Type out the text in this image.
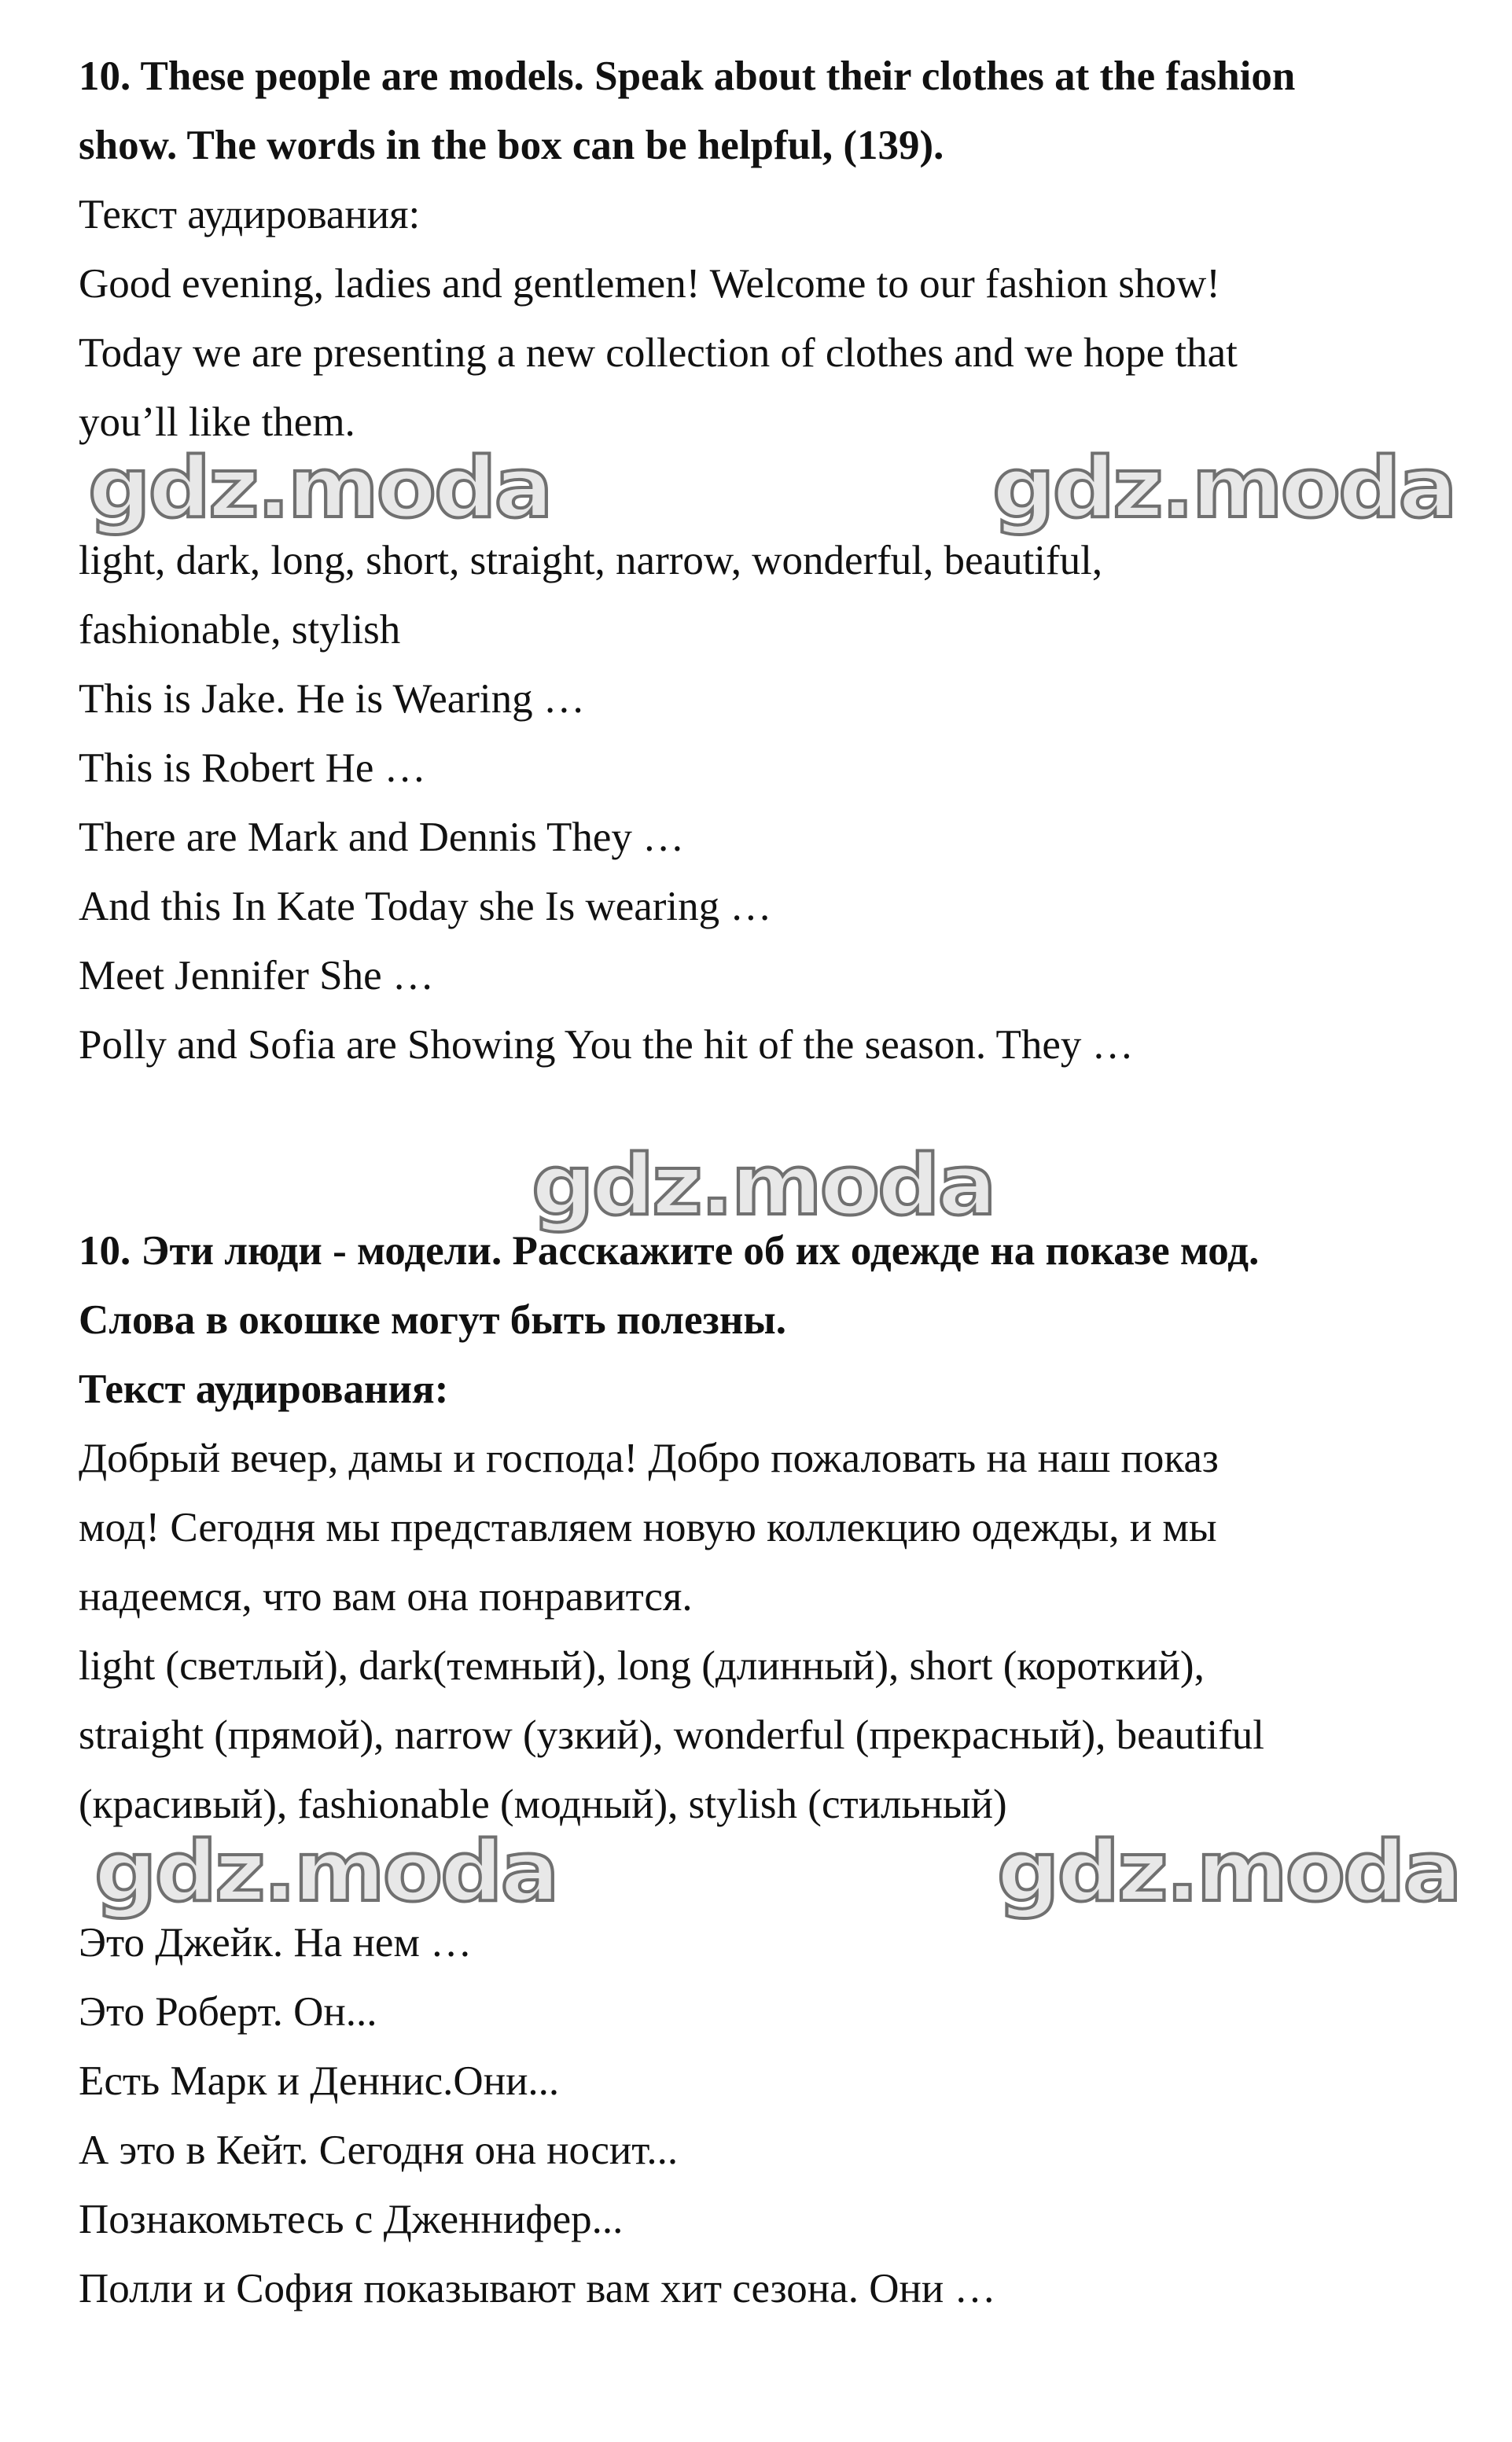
10. These people are models. Speak about their clothes at the fashion
show. The words in the box can be helpful, (139).
Текст аудирования:
Good evening, ladies and gentlemen! Welcome to our fashion show!
Today we are presenting a new collection of clothes and we hope that
you’ll like them.
gdz.moda	gdz.moda
light, dark, long, short, straight, narrow, wonderful, beautiful,
fashionable, stylish
This is Jake. He is Wearing …
This is Robert He …
There are Mark and Dennis They …
And this In Kate Today she Is wearing …
Meet Jennifer She …
Polly and Sofia are Showing You the hit of the season. They …
gdz.moda
10. Эти люди - модели. Расскажите об их одежде на показе мод.
Слова в окошке могут быть полезны.
Текст аудирования:
Добрый вечер, дамы и господа! Добро пожаловать на наш показ
мод! Сегодня мы представляем новую коллекцию одежды, и мы
надеемся, что вам она понравится.
light (светлый), dark(темный), long (длинный), short (короткий),
straight (прямой), narrow (узкий), wonderful (прекрасный), beautiful
(красивый), fashionable (модный), stylish (стильный)
gdz.moda	gdz.moda
Это Джейк. На нем …
Это Роберт. Он...
Есть Марк и Деннис.Они...
А это в Кейт. Сегодня она носит...
Познакомьтесь с Дженнифер...
Полли и София показывают вам хит сезона. Они …
